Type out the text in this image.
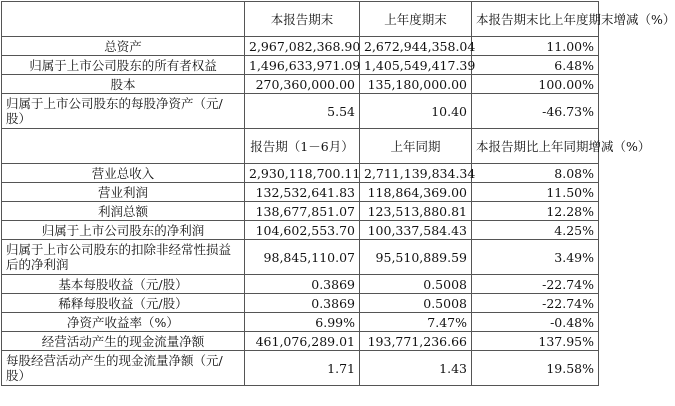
	本报告期末	上年度期末	本报告期末比上年度期末增减（%）
总资产	2,967,082,368.90	2,672,944,358.04	11.00%
归属于上市公司股东的所有者权益	1,496,633,971.09	1,405,549,417.39	6.48%
股本	270,360,000.00	135,180,000.00	100.00%
归属于上市公司股东的每股净资产（元/股）	5.54	10.40	-46.73%
	报告期（1－6月）	上年同期	本报告期比上年同期增减（%）
营业总收入	2,930,118,700.11	2,711,139,834.34	8.08%
营业利润	132,532,641.83	118,864,369.00	11.50%
利润总额	138,677,851.07	123,513,880.81	12.28%
归属于上市公司股东的净利润	104,602,553.70	100,337,584.43	4.25%
归属于上市公司股东的扣除非经常性损益后的净利润	98,845,110.07	95,510,889.59	3.49%
基本每股收益（元/股）	0.3869	0.5008	-22.74%
稀释每股收益（元/股）	0.3869	0.5008	-22.74%
净资产收益率（%）	6.99%	7.47%	-0.48%
经营活动产生的现金流量净额	461,076,289.01	193,771,236.66	137.95%
每股经营活动产生的现金流量净额（元/股）	1.71	1.43	19.58%
